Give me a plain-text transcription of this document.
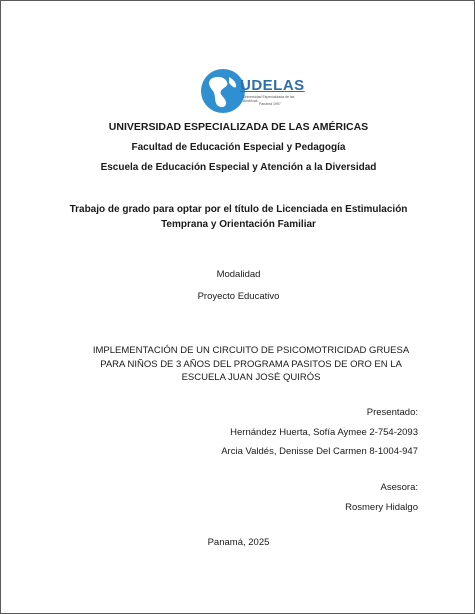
UDELAS
Universidad Especializada de las Américas
Panamá 1997
UNIVERSIDAD ESPECIALIZADA DE LAS AMÉRICAS
Facultad de Educación Especial y Pedagogía
Escuela de Educación Especial y Atención a la Diversidad
Trabajo de grado para optar por el título de Licenciada en Estimulación
Temprana y Orientación Familiar
Modalidad
Proyecto Educativo
IMPLEMENTACIÓN DE UN CIRCUITO DE PSICOMOTRICIDAD GRUESA
PARA NIÑOS DE 3 AÑOS DEL PROGRAMA PASITOS DE ORO EN LA
ESCUELA JUAN JOSÉ QUIRÓS
Presentado:
Hernández Huerta, Sofía Aymee 2-754-2093
Arcia Valdés, Denisse Del Carmen 8-1004-947
Asesora:
Rosmery Hidalgo
Panamá, 2025
